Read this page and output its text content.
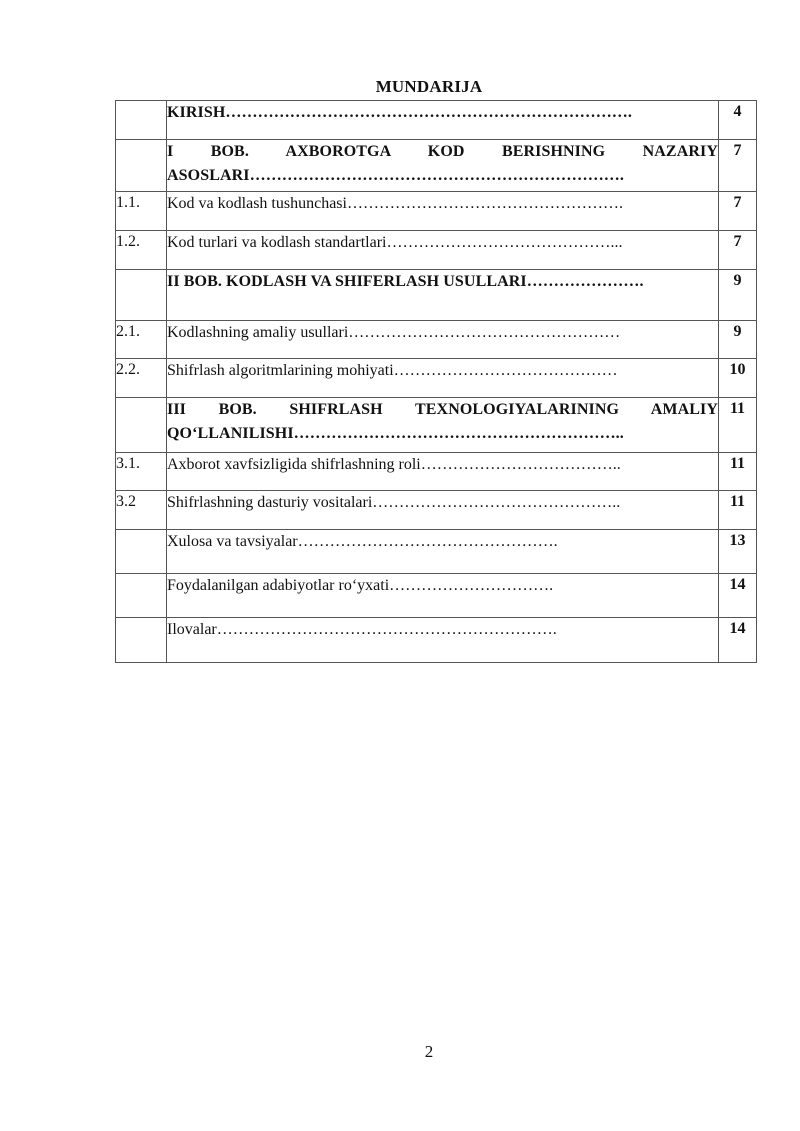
MUNDARIJA

	KIRISH………………………………………………………………….	4

	I BOB. AXBOROTGA KOD BERISHNING NAZARIY ASOSLARI…………………………………………………………….	7
1.1.	Kod va kodlash tushunchasi…………………………………………….	7
1.2.	Kod turlari va kodlash standartlari……………………………………...	7

	II BOB. KODLASH VA SHIFERLASH USULLARI………………….	9
2.1.	Kodlashning amaliy usullari……………………………………………	9
2.2.	Shifrlash algoritmlarining mohiyati……………………………………	10

	III BOB. SHIFRLASH TEXNOLOGIYALARINING AMALIY QO‘LLANILISHI……………………………………………………..	11
3.1.	Axborot xavfsizligida shifrlashning roli………………………………..	11
3.2	Shifrlashning dasturiy vositalari………………………………………..	11

	Xulosa va tavsiyalar………………………………………….	13

	Foydalanilgan adabiyotlar ro‘yxati………………………….	14

	Ilovalar……………………………………………………….	14
2
